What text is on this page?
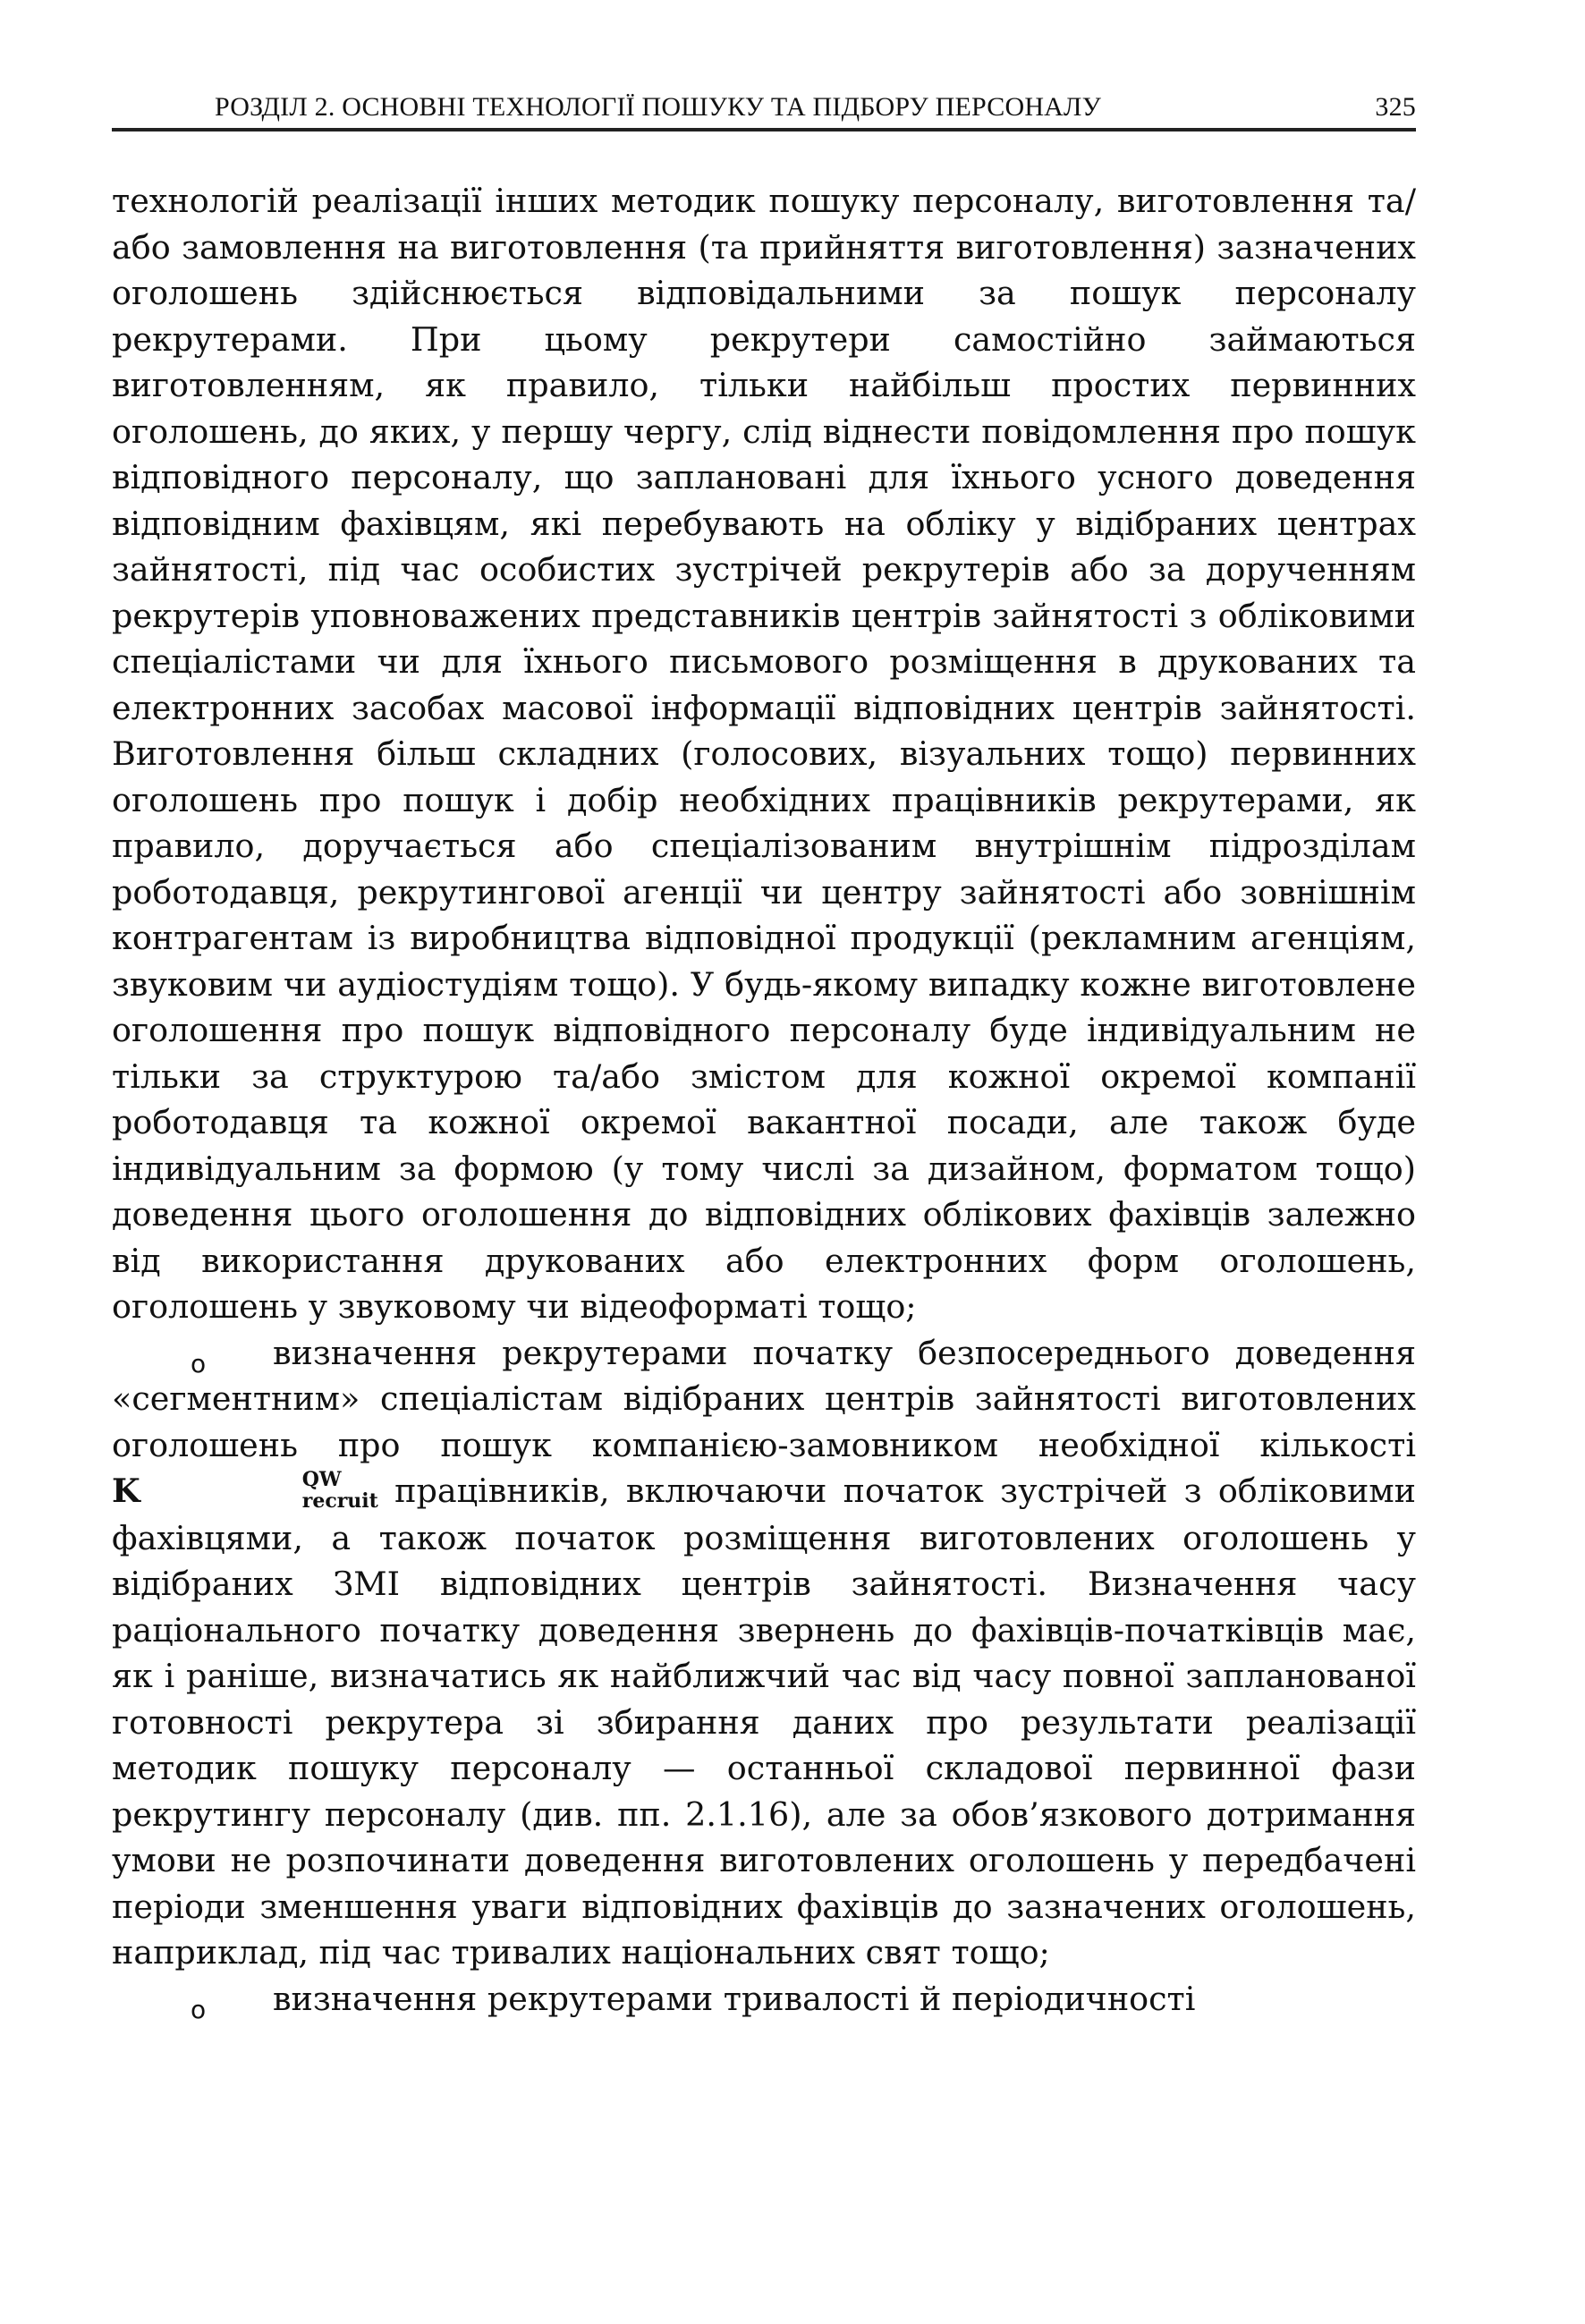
РОЗДІЛ 2. ОСНОВНІ ТЕХНОЛОГІЇ ПОШУКУ ТА ПІДБОРУ ПЕРСОНАЛУ	325

технологій реалізації інших методик пошуку персоналу, виготовлення та/або замовлення на виготовлення (та прийняття виготовлення) зазначених оголошень здійснюється відповідальними за пошук персоналу рекрутерами. При цьому рекрутери самостійно займаються виготовленням, як правило, тільки найбільш простих первинних оголошень, до яких, у першу чергу, слід віднести повідомлення про пошук відповідного персоналу, що заплановані для їхнього усного доведення відповідним фахівцям, які перебувають на обліку у відібраних центрах зайнятості, під час особистих зустрічей рекрутерів або за дорученням рекрутерів уповноважених представників центрів зайнятості з обліковими спеціалістами чи для їхнього письмового розміщення в друкованих та електронних засобах масової інформації відповідних центрів зайнятості. Виготовлення більш складних (голосових, візуальних тощо) первинних оголошень про пошук і добір необхідних працівників рекрутерами, як правило, доручається або спеціалізованим внутрішнім підрозділам роботодавця, рекрутингової агенції чи центру зайнятості або зовнішнім контрагентам із виробництва відповідної продукції (рекламним агенціям, звуковим чи аудіостудіям тощо). У будь-якому випадку кожне виготовлене оголошення про пошук відповідного персоналу буде індивідуальним не тільки за структурою та/або змістом для кожної окремої компанії роботодавця та кожної окремої вакантної посади, але також буде індивідуальним за формою (у тому числі за дизайном, форматом тощо) доведення цього оголошення до відповідних облікових фахівців залежно від використання друкованих або електронних форм оголошень, оголошень у звуковому чи відеоформаті тощо;

визначення рекрутерами початку безпосереднього доведення «сегментним» спеціалістам відібраних центрів зайнятості виготовлених оголошень про пошук компанією-замовником необхідної кількості K	QW
recruit працівників, включаючи початок зустрічей з обліковими фахівцями, а також початок розміщення виготовлених оголошень у відібраних ЗМІ відповідних центрів зайнятості. Визначення часу раціонального початку доведення звернень до фахівців-початківців має, як і раніше, визначатись як найближчий час від часу повної запланованої готовності рекрутера зі збирання даних про результати реалізації методик пошуку персоналу — останньої складової первинної фази рекрутингу персоналу (див. пп. 2.1.16), але за обов’язкового дотримання умови не розпочинати доведення виготовлених оголошень у передбачені періоди зменшення уваги відповідних фахівців до зазначених оголошень, наприклад, під час тривалих національних свят тощо;

визначення рекрутерами тривалості й періодичності
